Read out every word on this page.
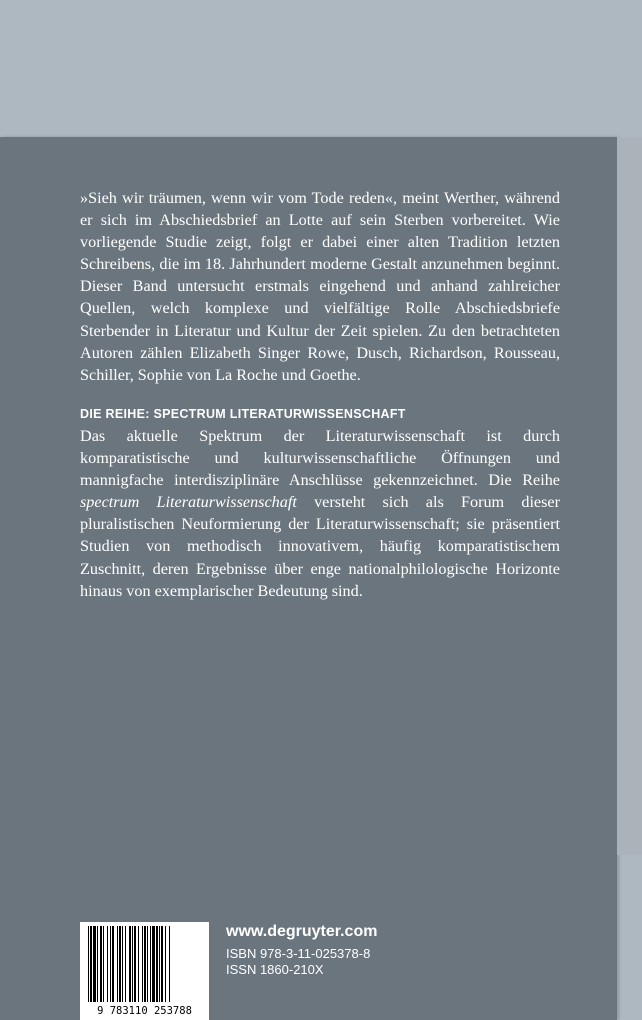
»Sieh wir träumen, wenn wir vom Tode reden«, meint Werther, während er sich im Abschiedsbrief an Lotte auf sein Sterben vorbereitet. Wie vorliegende Studie zeigt, folgt er dabei einer alten Tradition letzten Schreibens, die im 18. Jahrhundert moderne Gestalt anzunehmen beginnt. Dieser Band untersucht erstmals eingehend und anhand zahlreicher Quellen, welch komplexe und vielfältige Rolle Abschiedsbriefe Sterbender in Literatur und Kultur der Zeit spielen. Zu den betrachteten Autoren zählen Elizabeth Singer Rowe, Dusch, Richardson, Rousseau, Schiller, Sophie von La Roche und Goethe.

DIE REIHE: SPECTRUM LITERATURWISSENSCHAFT

Das aktuelle Spektrum der Literaturwissenschaft ist durch komparatistische und kulturwissenschaftliche Öffnungen und mannigfache interdisziplinäre Anschlüsse gekennzeichnet. Die Reihe spectrum Literaturwissenschaft versteht sich als Forum dieser pluralistischen Neuformierung der Literaturwissenschaft; sie präsentiert Studien von methodisch innovativem, häufig komparatistischem Zuschnitt, deren Ergebnisse über enge nationalphilologische Horizonte hinaus von exemplarischer Bedeutung sind.

9 783110 253788

www.degruyter.com

ISBN 978-3-11-025378-8

ISSN 1860-210X
